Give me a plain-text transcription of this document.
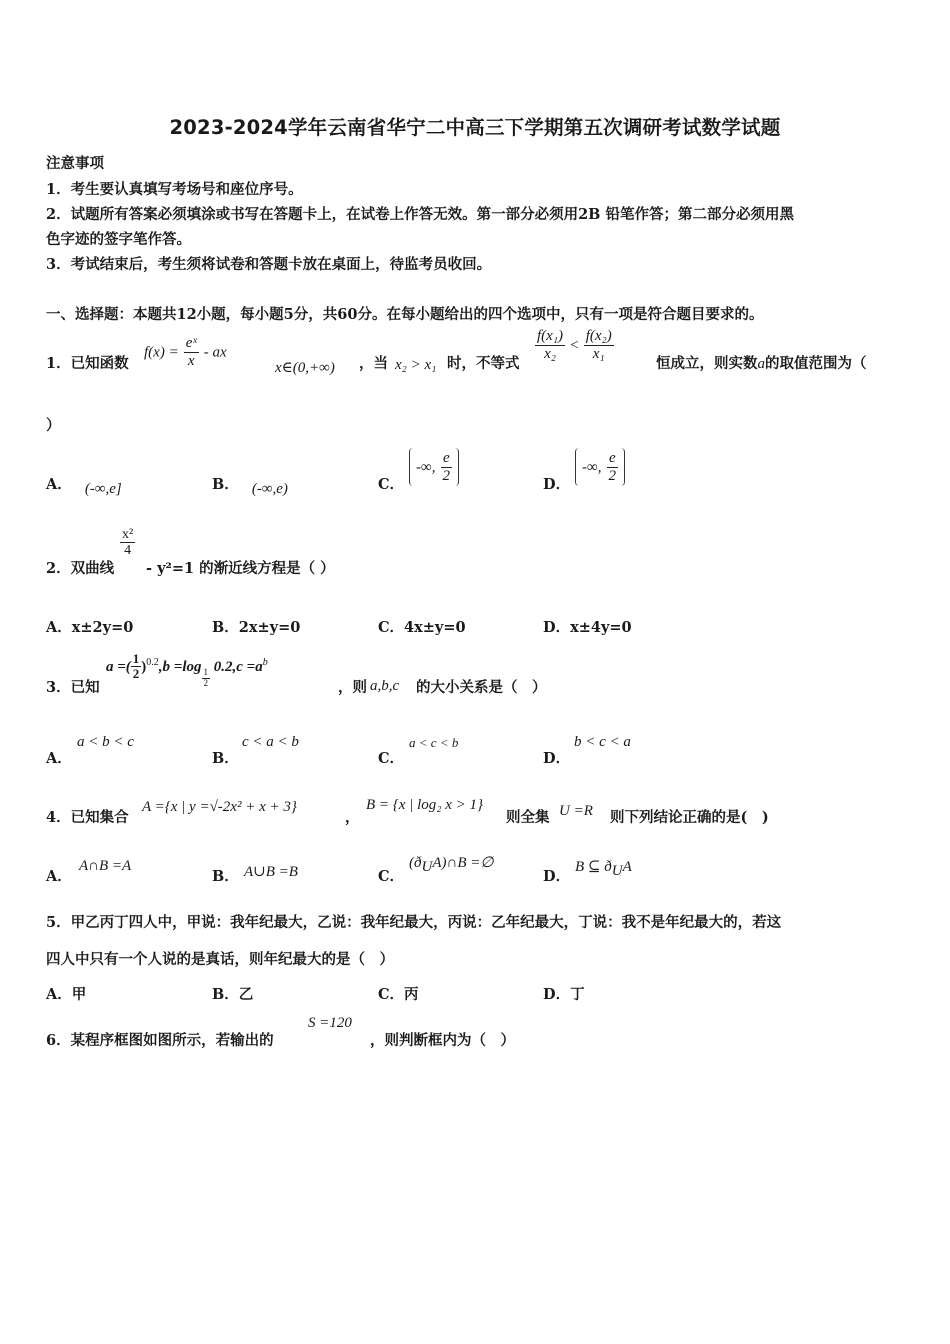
2023-2024学年云南省华宁二中高三下学期第五次调研考试数学试题
注意事项
1．考生要认真填写考场号和座位序号。
2．试题所有答案必须填涂或书写在答题卡上，在试卷上作答无效。第一部分必须用2B 铅笔作答；第二部分必须用黑
色字迹的签字笔作答。
3．考试结束后，考生须将试卷和答题卡放在桌面上，待监考员收回。
一、选择题：本题共12小题，每小题5分，共60分。在每小题给出的四个选项中，只有一项是符合题目要求的。
1．已知函数
$f(x) = \frac{\text{eˣ}}{x}$ - ax
x∈(0,+∞) ，当 x₂ > x₁ 时，不等式
$\frac{\text{f(x₁)}}{\text{x₂}} < \frac{\text{f(x₂)}}{\text{x₁}}$
恒成立，则实数a的取值范围为（
）
A． (-∞,e]	B． (-∞,e)	C．
-∞, $\frac{e}{2}$
D．
-∞, $\frac{e}{2}$
2．双曲线
$\frac{\text{x²}}{4}$
- y²=1 的渐近线方程是（ ）
A．x±2y=0	B．2x±y=0	C．4x±y=0	D．x±4y=0
3．已知
a =( $\frac{1}{2} )^{0.2},b =\log$
$\frac{1}{2}$
$0.2,c =a^b$
，则 a,b,c 的大小关系是（　）
A．
a < b < c
B．
c < a < b
C．
a < c < b
D．
b < c < a
4．已知集合
A ={x | y =√-2x² + x + 3}
，
B = {x | log₂ x > 1}
则全集 U =R 则下列结论正确的是(　)
A．
A∩B =A
B． A∪B =B	C．
$(ð_UA)\cap B$ =∅
D．
B ⊆ $ð_UA$
5．甲乙丙丁四人中，甲说：我年纪最大，乙说：我年纪最大，丙说：乙年纪最大，丁说：我不是年纪最大的，若这
四人中只有一个人说的是真话，则年纪最大的是（　）
A．甲	B．乙	C．丙	D．丁
6．某程序框图如图所示，若输出的
S =120
，则判断框内为（　）
